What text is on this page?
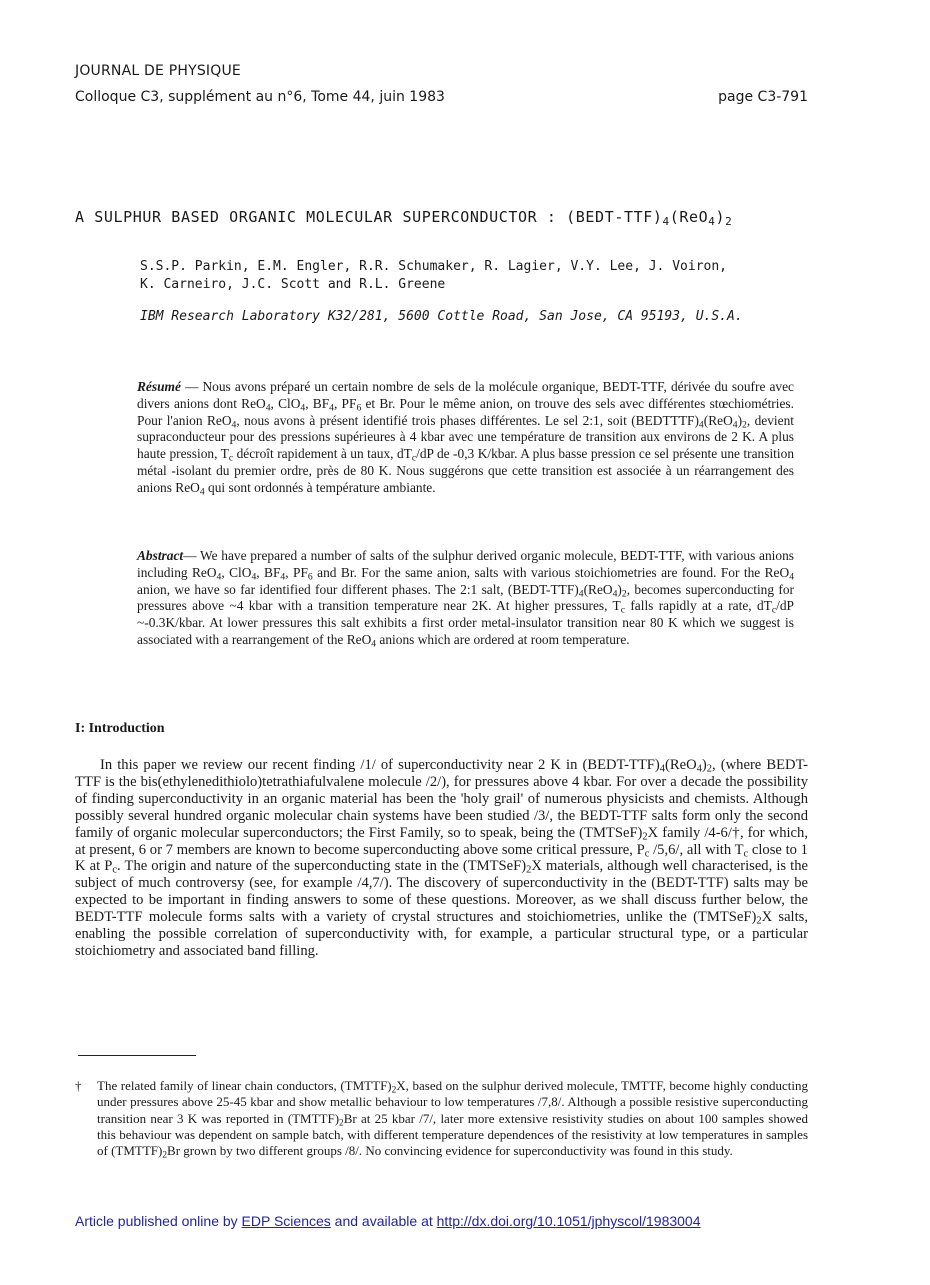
JOURNAL DE PHYSIQUE
Colloque C3, supplément au n°6, Tome 44, juin 1983	page C3-791
A SULPHUR BASED ORGANIC MOLECULAR SUPERCONDUCTOR : $(BEDT-TTF)_4(ReO_4)_2$
S.S.P. Parkin, E.M. Engler, R.R. Schumaker, R. Lagier, V.Y. Lee, J. Voiron,
K. Carneiro, J.C. Scott and R.L. Greene
IBM Research Laboratory K32/281, 5600 Cottle Road, San Jose, CA 95193, U.S.A.
Résumé — Nous avons préparé un certain nombre de sels de la molécule organique, BEDT-TTF, dérivée du soufre avec divers anions dont ReO$_4$, ClO$_4$, $BF_4$, $PF_6$ et Br. Pour le même anion, on trouve des sels avec différentes stœchiométries. Pour l'anion ReO$_4$, nous avons à présent identifié trois phases différentes. Le sel 2:1, soit $(BEDTTTF)_4(ReO_4)_2$, devient supraconducteur pour des pressions supérieures à 4 kbar avec une température de transition aux environs de 2 K. A plus haute pression, $T_c$ décroît rapidement à un taux, $dT_c/dP$ de -0,3 K/kbar. A plus basse pression ce sel présente une transition métal -isolant du premier ordre, près de 80 K. Nous suggérons que cette transition est associée à un réarrangement des anions ReO$_4$ qui sont ordonnés à température ambiante.
Abstract— We have prepared a number of salts of the sulphur derived organic molecule, BEDT-TTF, with various anions including ReO$_4$, ClO$_4$, $BF_4$, $PF_6$ and Br. For the same anion, salts with various stoichiometries are found. For the ReO$_4$ anion, we have so far identified four different phases. The 2:1 salt, $(BEDT-TTF)_4(ReO_4)_2$, becomes superconducting for pressures above ~4 kbar with a transition temperature near 2K. At higher pressures, $T_c$ falls rapidly at a rate, $dT_c/dP$ ~-0.3K/kbar. At lower pressures this salt exhibits a first order metal-insulator transition near 80 K which we suggest is associated with a rearrangement of the ReO$_4$ anions which are ordered at room temperature.
I: Introduction
In this paper we review our recent finding /1/ of superconductivity near 2 K in $(BEDT-TTF)_4(ReO_4)_2$, (where BEDT-TTF is the bis(ethylenedithiolo)tetrathiafulvalene molecule /2/), for pressures above 4 kbar. For over a decade the possibility of finding superconductivity in an organic material has been the 'holy grail' of numerous physicists and chemists. Although possibly several hundred organic molecular chain systems have been studied /3/, the BEDT-TTF salts form only the second family of organic molecular superconductors; the First Family, so to speak, being the $(TMTSeF)_2X$ family /4-6/†, for which, at present, 6 or 7 members are known to become superconducting above some critical pressure, $P_c$ /5,6/, all with $T_c$ close to 1 K at $P_c$. The origin and nature of the superconducting state in the $(TMTSeF)_2X$ materials, although well characterised, is the subject of much controversy (see, for example /4,7/). The discovery of superconductivity in the (BEDT-TTF) salts may be expected to be important in finding answers to some of these questions. Moreover, as we shall discuss further below, the BEDT-TTF molecule forms salts with a variety of crystal structures and stoichiometries, unlike the $(TMTSeF)_2X$ salts, enabling the possible correlation of superconductivity with, for example, a particular structural type, or a particular stoichiometry and associated band filling.
† The related family of linear chain conductors, $(TMTTF)_2X$, based on the sulphur derived molecule, TMTTF, become highly conducting under pressures above 25-45 kbar and show metallic behaviour to low temperatures /7,8/. Although a possible resistive superconducting transition near 3 K was reported in $(TMTTF)_2Br$ at 25 kbar /7/, later more extensive resistivity studies on about 100 samples showed this behaviour was dependent on sample batch, with different temperature dependences of the resistivity at low temperatures in samples of $(TMTTF)_2Br$ grown by two different groups /8/. No convincing evidence for superconductivity was found in this study.
Article published online by EDP Sciences and available at http://dx.doi.org/10.1051/jphyscol/1983004
